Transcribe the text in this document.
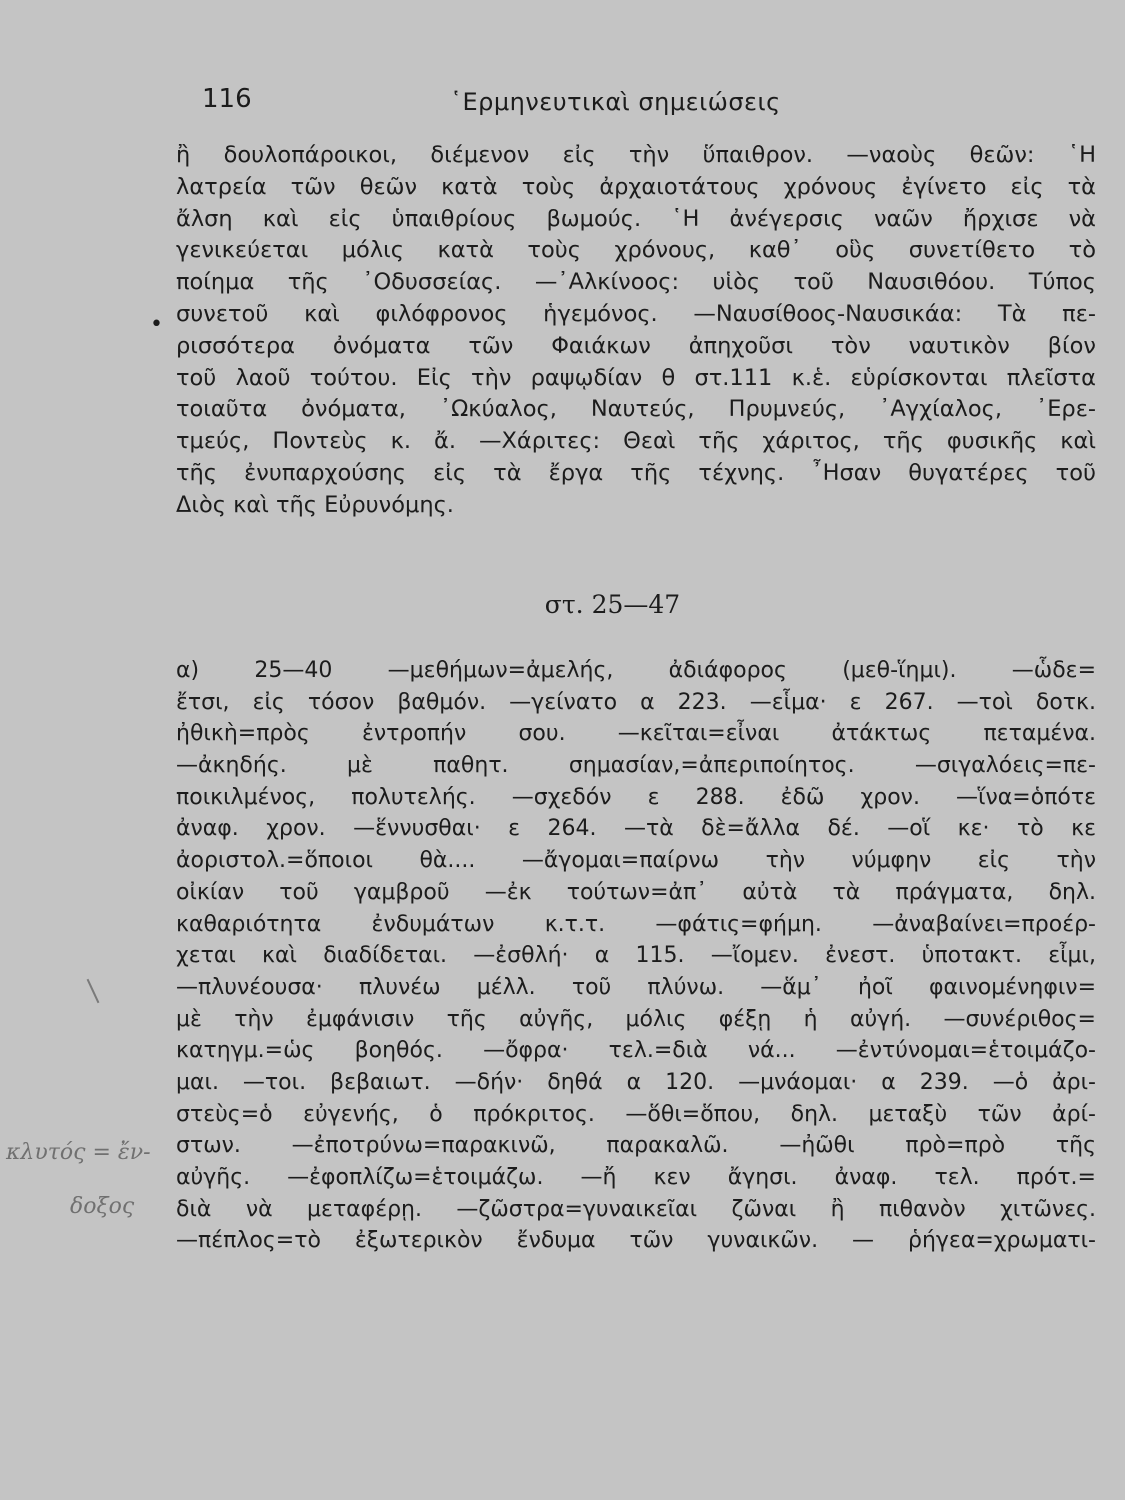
116	῾Ερμηνευτικαὶ σημειώσεις
•
ἢ δουλοπάροικοι, διέμενον εἰς τὴν ὕπαιθρον. —ναοὺς θεῶν: ῾Η
λατρεία τῶν θεῶν κατὰ τοὺς ἀρχαιοτάτους χρόνους ἐγίνετο εἰς τὰ
ἄλση καὶ εἰς ὑπαιθρίους βωμούς. ῾Η ἀνέγερσις ναῶν ἤρχισε νὰ
γενικεύεται μόλις κατὰ τοὺς χρόνους, καθ᾽ οὓς συνετίθετο τὸ
ποίημα τῆς ᾿Οδυσσείας. —᾿Αλκίνοος: υἱὸς τοῦ Ναυσιθόου. Τύπος
συνετοῦ καὶ φιλόφρονος ἡγεμόνος. —Ναυσίθοος-Ναυσικάα: Τὰ πε-
ρισσότερα ὀνόματα τῶν Φαιάκων ἀπηχοῦσι τὸν ναυτικὸν βίον
τοῦ λαοῦ τούτου. Εἰς τὴν ραψῳδίαν θ στ.111 κ.ἑ. εὑρίσκονται πλεῖστα
τοιαῦτα ὀνόματα, ᾿Ωκύαλος, Ναυτεύς, Πρυμνεύς, ᾿Αγχίαλος, ᾿Ερε-
τμεύς, Ποντεὺς κ. ἄ. —Χάριτες: Θεαὶ τῆς χάριτος, τῆς φυσικῆς καὶ
τῆς ἐνυπαρχούσης εἰς τὰ ἔργα τῆς τέχνης. ῏Ησαν θυγατέρες τοῦ
Διὸς καὶ τῆς Εὐρυνόμης.
στ. 25—47
α) 25—40 —μεθήμων=ἀμελής, ἀδιάφορος (μεθ-ἵημι). —ὧδε=
ἔτσι, εἰς τόσον βαθμόν. —γείνατο α 223. —εἷμα· ε 267. —τοὶ δοτκ.
ἠθικὴ=πρὸς ἐντροπήν σου. —κεῖται=εἶναι ἀτάκτως πεταμένα.
—ἀκηδής. μὲ παθητ. σημασίαν,=ἀπεριποίητος. —σιγαλόεις=πε-
ποικιλμένος, πολυτελής. —σχεδόν ε 288. ἐδῶ χρον. —ἵνα=ὁπότε
ἀναφ. χρον. —ἕννυσθαι· ε 264. —τὰ δὲ=ἄλλα δέ. —οἵ κε· τὸ κε
ἀοριστολ.=ὅποιοι θὰ.... —ἄγομαι=παίρνω τὴν νύμφην εἰς τὴν
οἰκίαν τοῦ γαμβροῦ —ἐκ τούτων=ἀπ᾽ αὐτὰ τὰ πράγματα, δηλ.
καθαριότητα ἐνδυμάτων κ.τ.τ. —φάτις=φήμη. —ἀναβαίνει=προέρ-
χεται καὶ διαδίδεται. —ἐσθλή· α 115. —ἴομεν. ἐνεστ. ὑποτακτ. εἶμι,
—πλυνέουσα· πλυνέω μέλλ. τοῦ πλύνω. —ἅμ᾽ ἠοῖ φαινομένηφιν=
μὲ τὴν ἐμφάνισιν τῆς αὐγῆς, μόλις φέξῃ ἡ αὐγή. —συνέριθος=
κατηγμ.=ὡς βοηθός. —ὄφρα· τελ.=διὰ νά... —ἐντύνομαι=ἑτοιμάζο-
μαι. —τοι. βεβαιωτ. —δήν· δηθά α 120. —μνάομαι· α 239. —ὁ ἀρι-
στεὺς=ὁ εὐγενής, ὁ πρόκριτος. —ὅθι=ὅπου, δηλ. μεταξὺ τῶν ἀρί-
στων. —ἐποτρύνω=παρακινῶ, παρακαλῶ. —ἠῶθι πρὸ=πρὸ τῆς
αὐγῆς. —ἐφοπλίζω=ἑτοιμάζω. —ἤ κεν ἄγησι. ἀναφ. τελ. πρότ.=
διὰ νὰ μεταφέρῃ. —ζῶστρα=γυναικεῖαι ζῶναι ἢ πιθανὸν χιτῶνες.
—πέπλος=τὸ ἐξωτερικὸν ἔνδυμα τῶν γυναικῶν. — ῥήγεα=χρωματι-
κλυτός = ἔν-
δοξος
